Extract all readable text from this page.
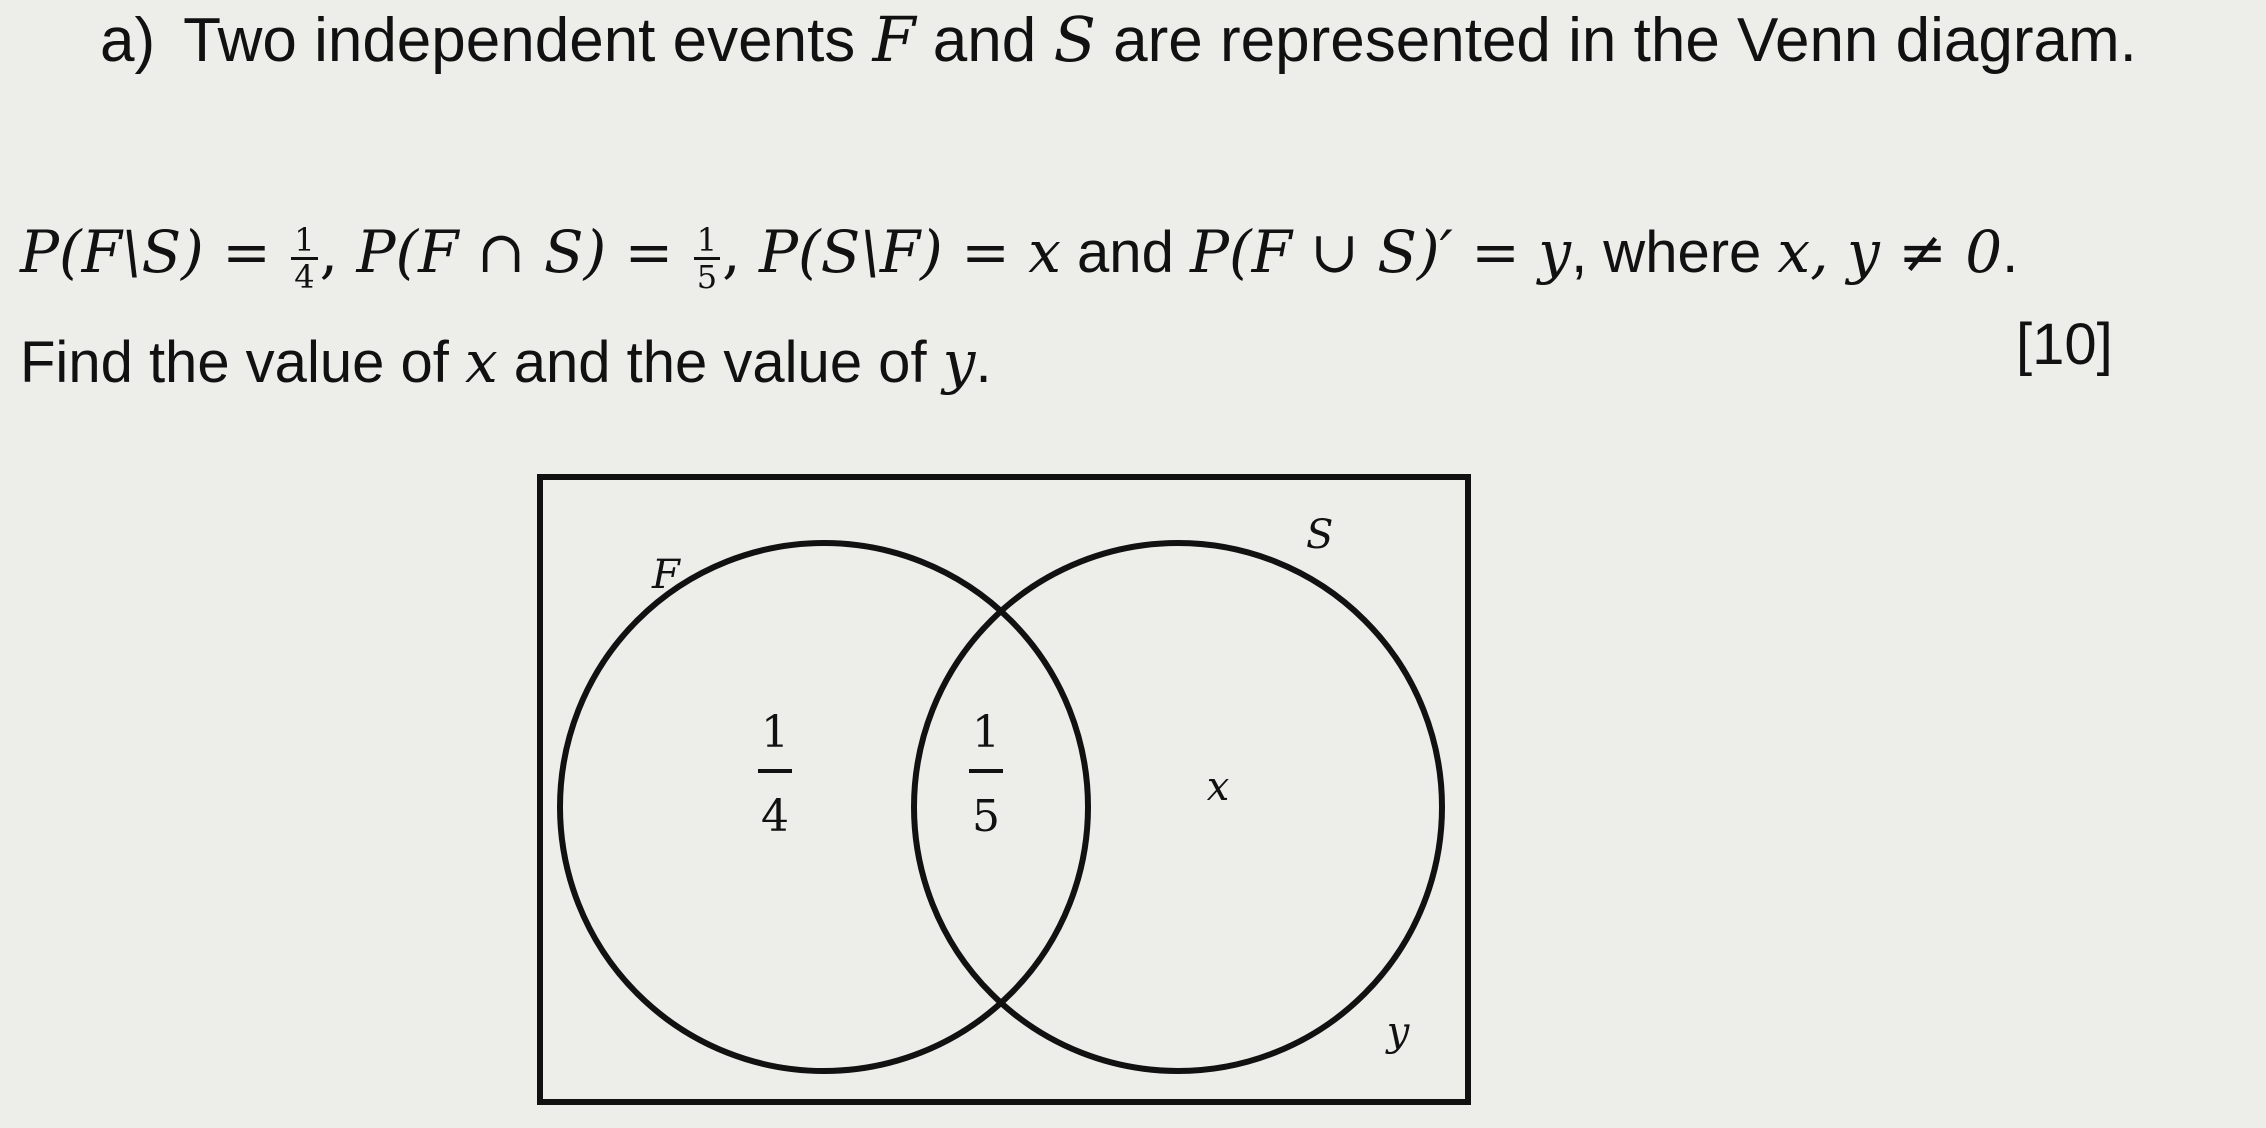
a) Two independent events F and S are represented in the Venn diagram.
P(F\S) = $\frac{1}{4}$ , P(F ∩ $S) = \frac{1}{5}$ , P(S\F) = x and P(F ∪ S)′ = y, where x, y ≠ 0.
Find the value of x and the value of y.	[10]
F
S
1
4
1
5
x
y
